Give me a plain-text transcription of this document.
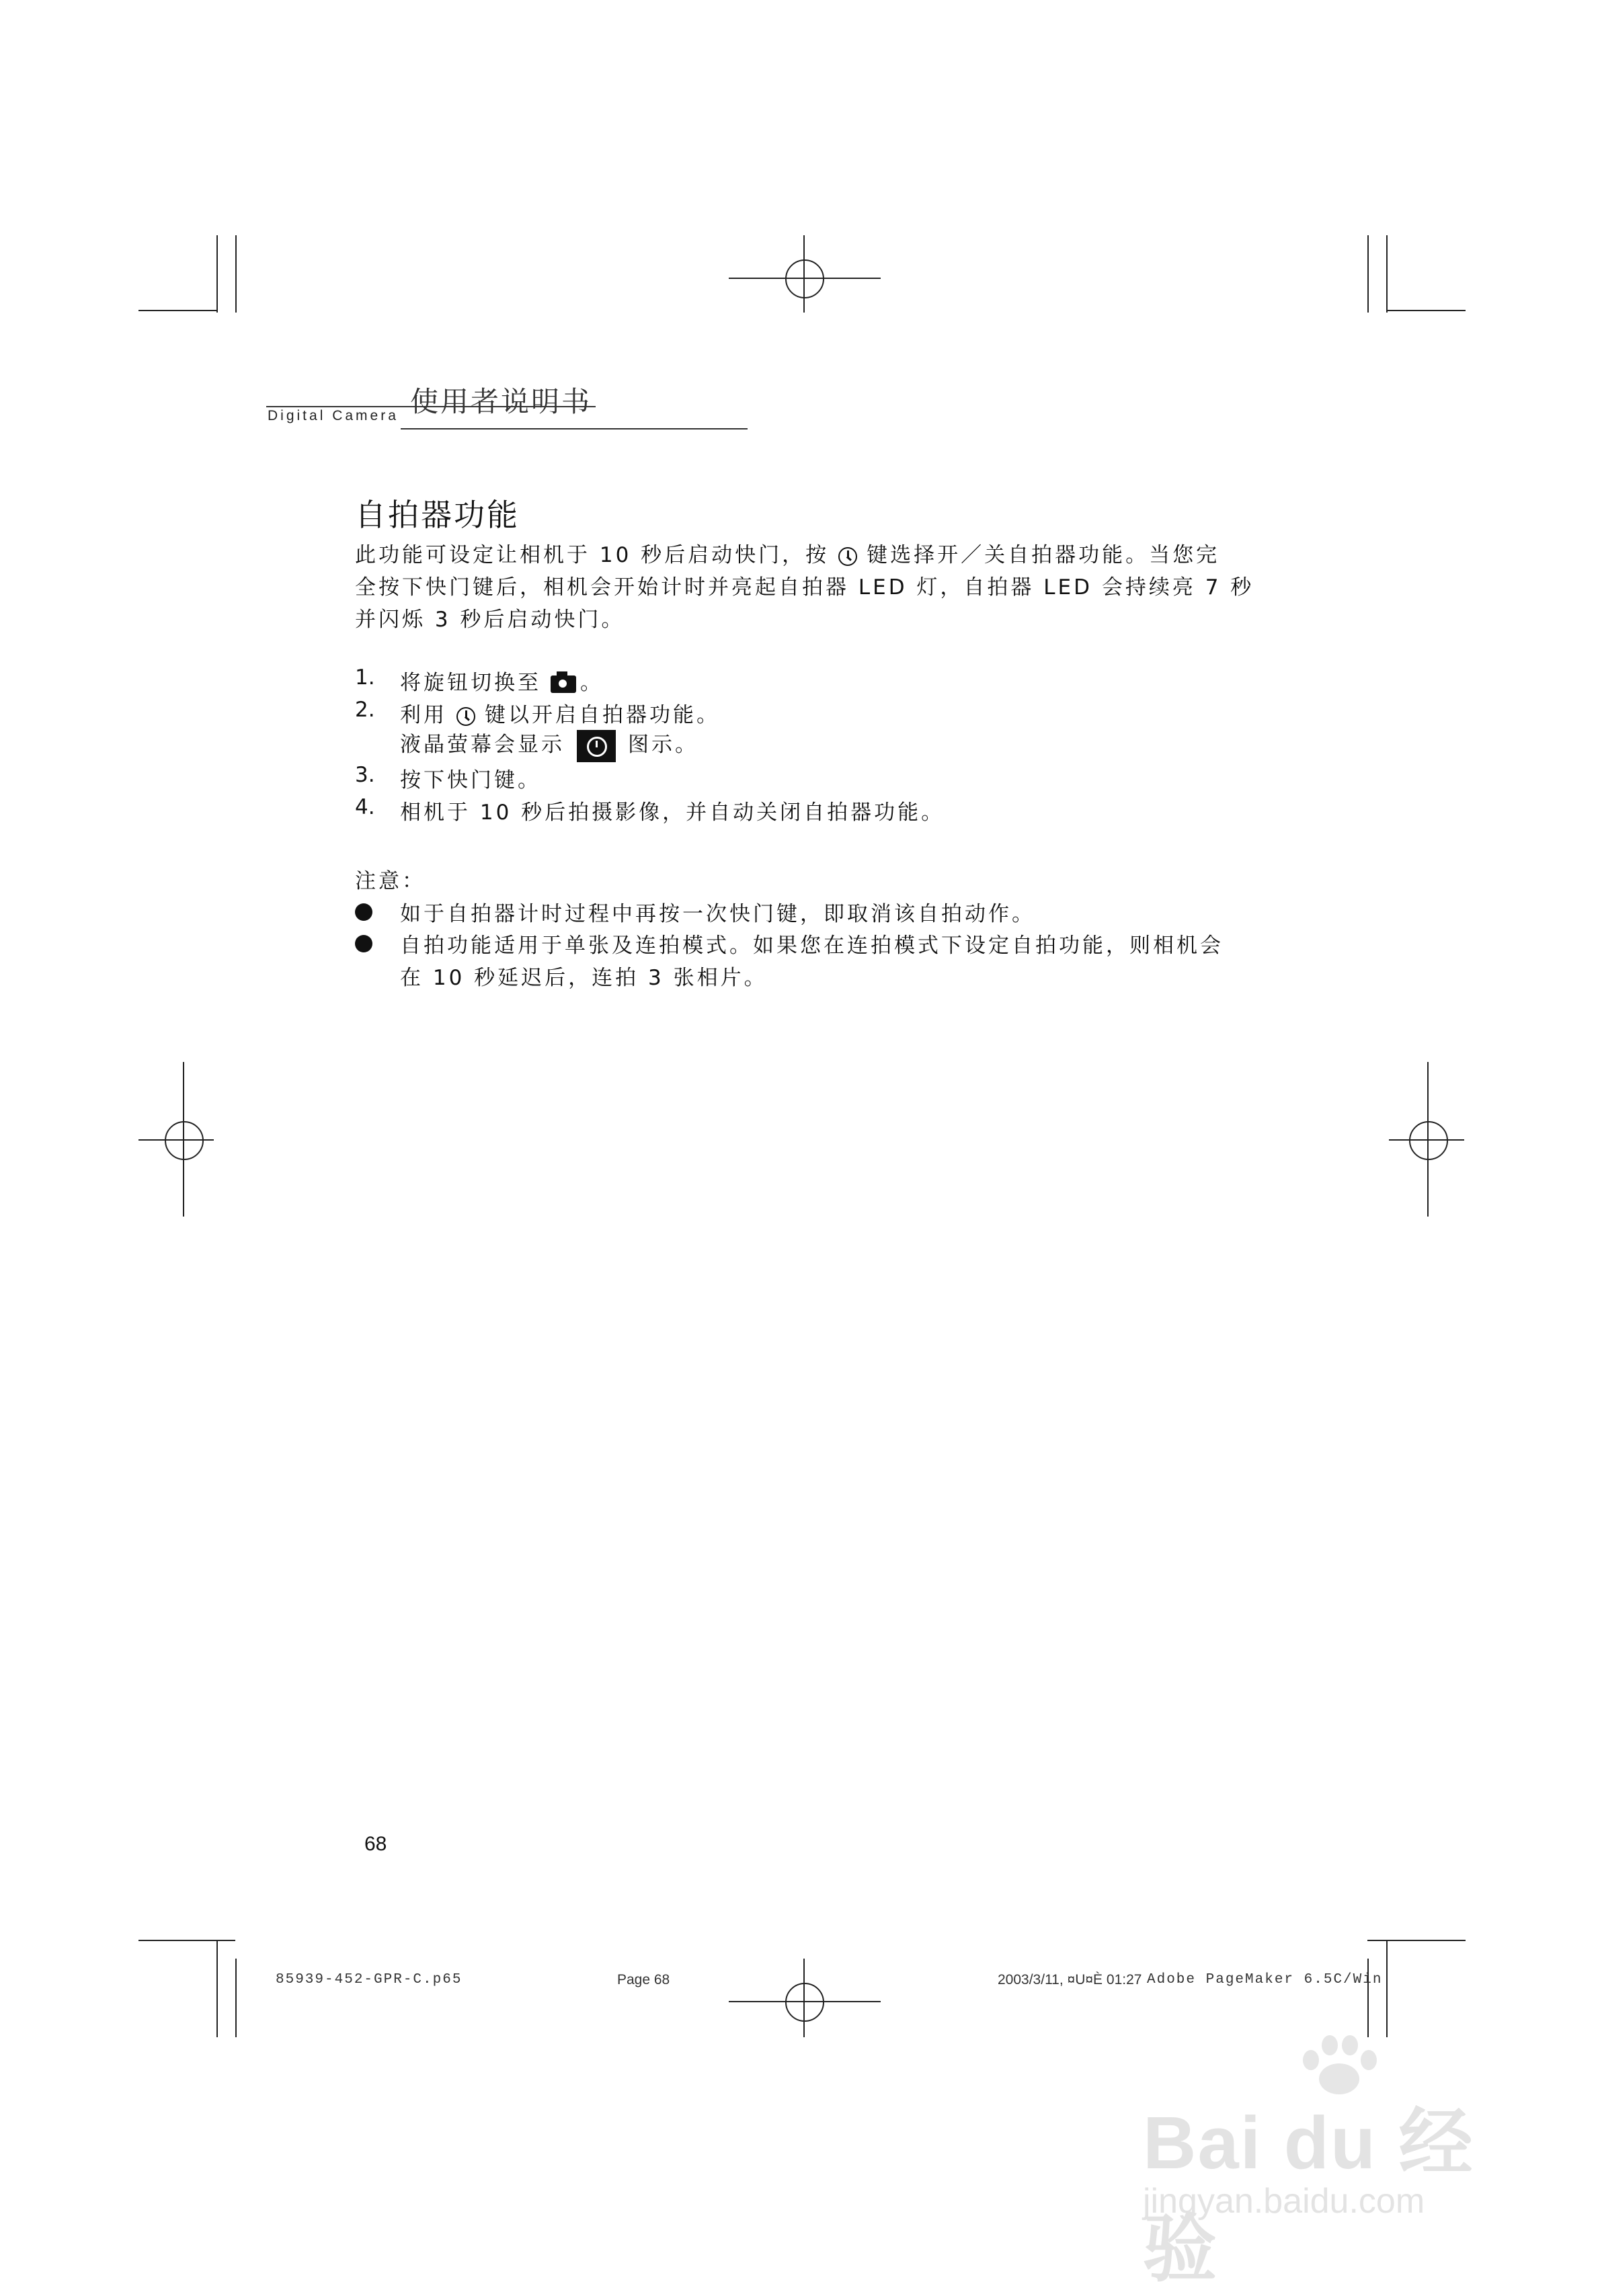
使用者说明书
Digital Camera
自拍器功能
此功能可设定让相机于 10 秒后启动快门，按 键选择开／关自拍器功能。当您完
全按下快门键后，相机会开始计时并亮起自拍器 LED 灯，自拍器 LED 会持续亮 7 秒
并闪烁 3 秒后启动快门。
1. 将旋钮切换至 。
2. 利用 键以开启自拍器功能。
液晶萤幕会显示	图示。
3. 按下快门键。
4. 相机于 10 秒后拍摄影像，并自动关闭自拍器功能。
注意：
如于自拍器计时过程中再按一次快门键，即取消该自拍动作。
自拍功能适用于单张及连拍模式。如果您在连拍模式下设定自拍功能，则相机会
在 10 秒延迟后，连拍 3 张相片。
68
85939-452-GPR-C.p65	Page 68	Adobe PageMaker 6.5C/Win
2003/3/11, ¤U¤È 01:27
Bai du 经验
jingyan.baidu.com
